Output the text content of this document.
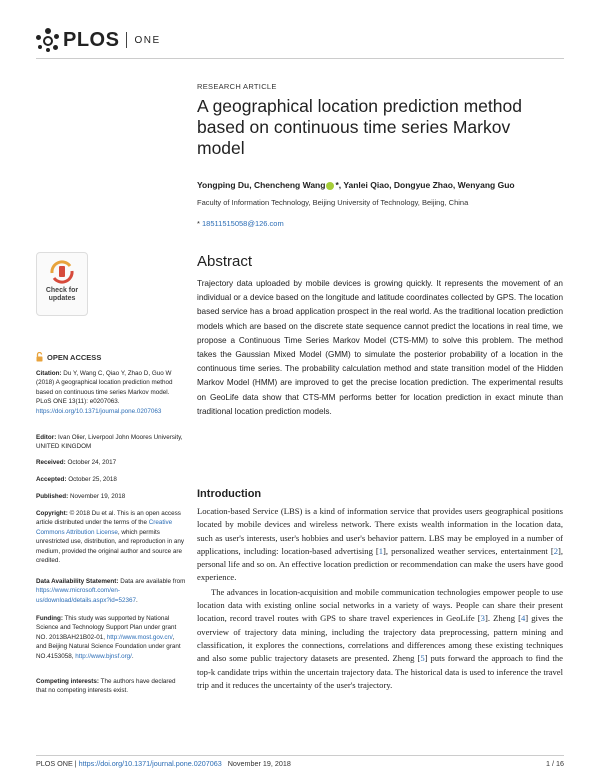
PLOS ONE
RESEARCH ARTICLE
A geographical location prediction method based on continuous time series Markov model
Yongping Du, Chencheng Wang *, Yanlei Qiao, Dongyue Zhao, Wenyang Guo
Faculty of Information Technology, Beijing University of Technology, Beijing, China
* 18511515058@126.com
Check for
updates
OPEN ACCESS
Citation: Du Y, Wang C, Qiao Y, Zhao D, Guo W (2018) A geographical location prediction method based on continuous time series Markov model. PLoS ONE 13(11): e0207063. https://doi.org/10.1371/journal.pone.0207063
Editor: Ivan Olier, Liverpool John Moores University, UNITED KINGDOM
Received: October 24, 2017
Accepted: October 25, 2018
Published: November 19, 2018
Copyright: © 2018 Du et al. This is an open access article distributed under the terms of the Creative Commons Attribution License, which permits unrestricted use, distribution, and reproduction in any medium, provided the original author and source are credited.
Data Availability Statement: Data are available from https://www.microsoft.com/en-us/download/details.aspx?id=52367.
Funding: This study was supported by National Science and Technology Support Plan under grant NO. 2013BAH21B02-01, http://www.most.gov.cn/, and Beijing Natural Science Foundation under grant NO.4153058, http://www.bjnsf.org/.
Competing interests: The authors have declared that no competing interests exist.
Abstract
Trajectory data uploaded by mobile devices is growing quickly. It represents the movement of an individual or a device based on the longitude and latitude coordinates collected by GPS. The location based service has a broad application prospect in the real world. As the traditional location prediction models which are based on the discrete state sequence cannot predict the locations in real time, we propose a Continuous Time Series Markov Model (CTS-MM) to solve this problem. The method takes the Gaussian Mixed Model (GMM) to simulate the posterior probability of a location in the continuous time series. The probability calculation method and state transition model of the Hidden Markov Model (HMM) are improved to get the precise location prediction. The experimental results on GeoLife data show that CTS-MM performs better for location prediction in exact minute than traditional location prediction models.
Introduction

Location-based Service (LBS) is a kind of information service that provides users geographical positions located by mobile devices and wireless network. There exists wealth information in the location data, such as user's interests, user's hobbies and user's behavior pattern. LBS may be employed in a number of applications, including: location-based advertising [1], personalized weather services, entertainment [2], personal life and so on. An effective location prediction or recommendation can make the users have good experience.

The advances in location-acquisition and mobile communication technologies empower people to use location data with existing online social networks in a variety of ways. People can share their present location, record travel routes with GPS to share travel experiences in GeoLife [3]. Zheng [4] gives the overview of trajectory data mining, including the trajectory data preprocessing, pattern mining and classification, it explores the connections, correlations and differences among these existing techniques and also some public trajectory datasets are presented. Zheng [5] puts forward the approach to find the top-k candidate trips within the uncertain trajectory data. The historical data is used to inference the travel trip and it reduces the uncertainty of the user's trajectory.

PLOS ONE | https://doi.org/10.1371/journal.pone.0207063 November 19, 2018	1 / 16
